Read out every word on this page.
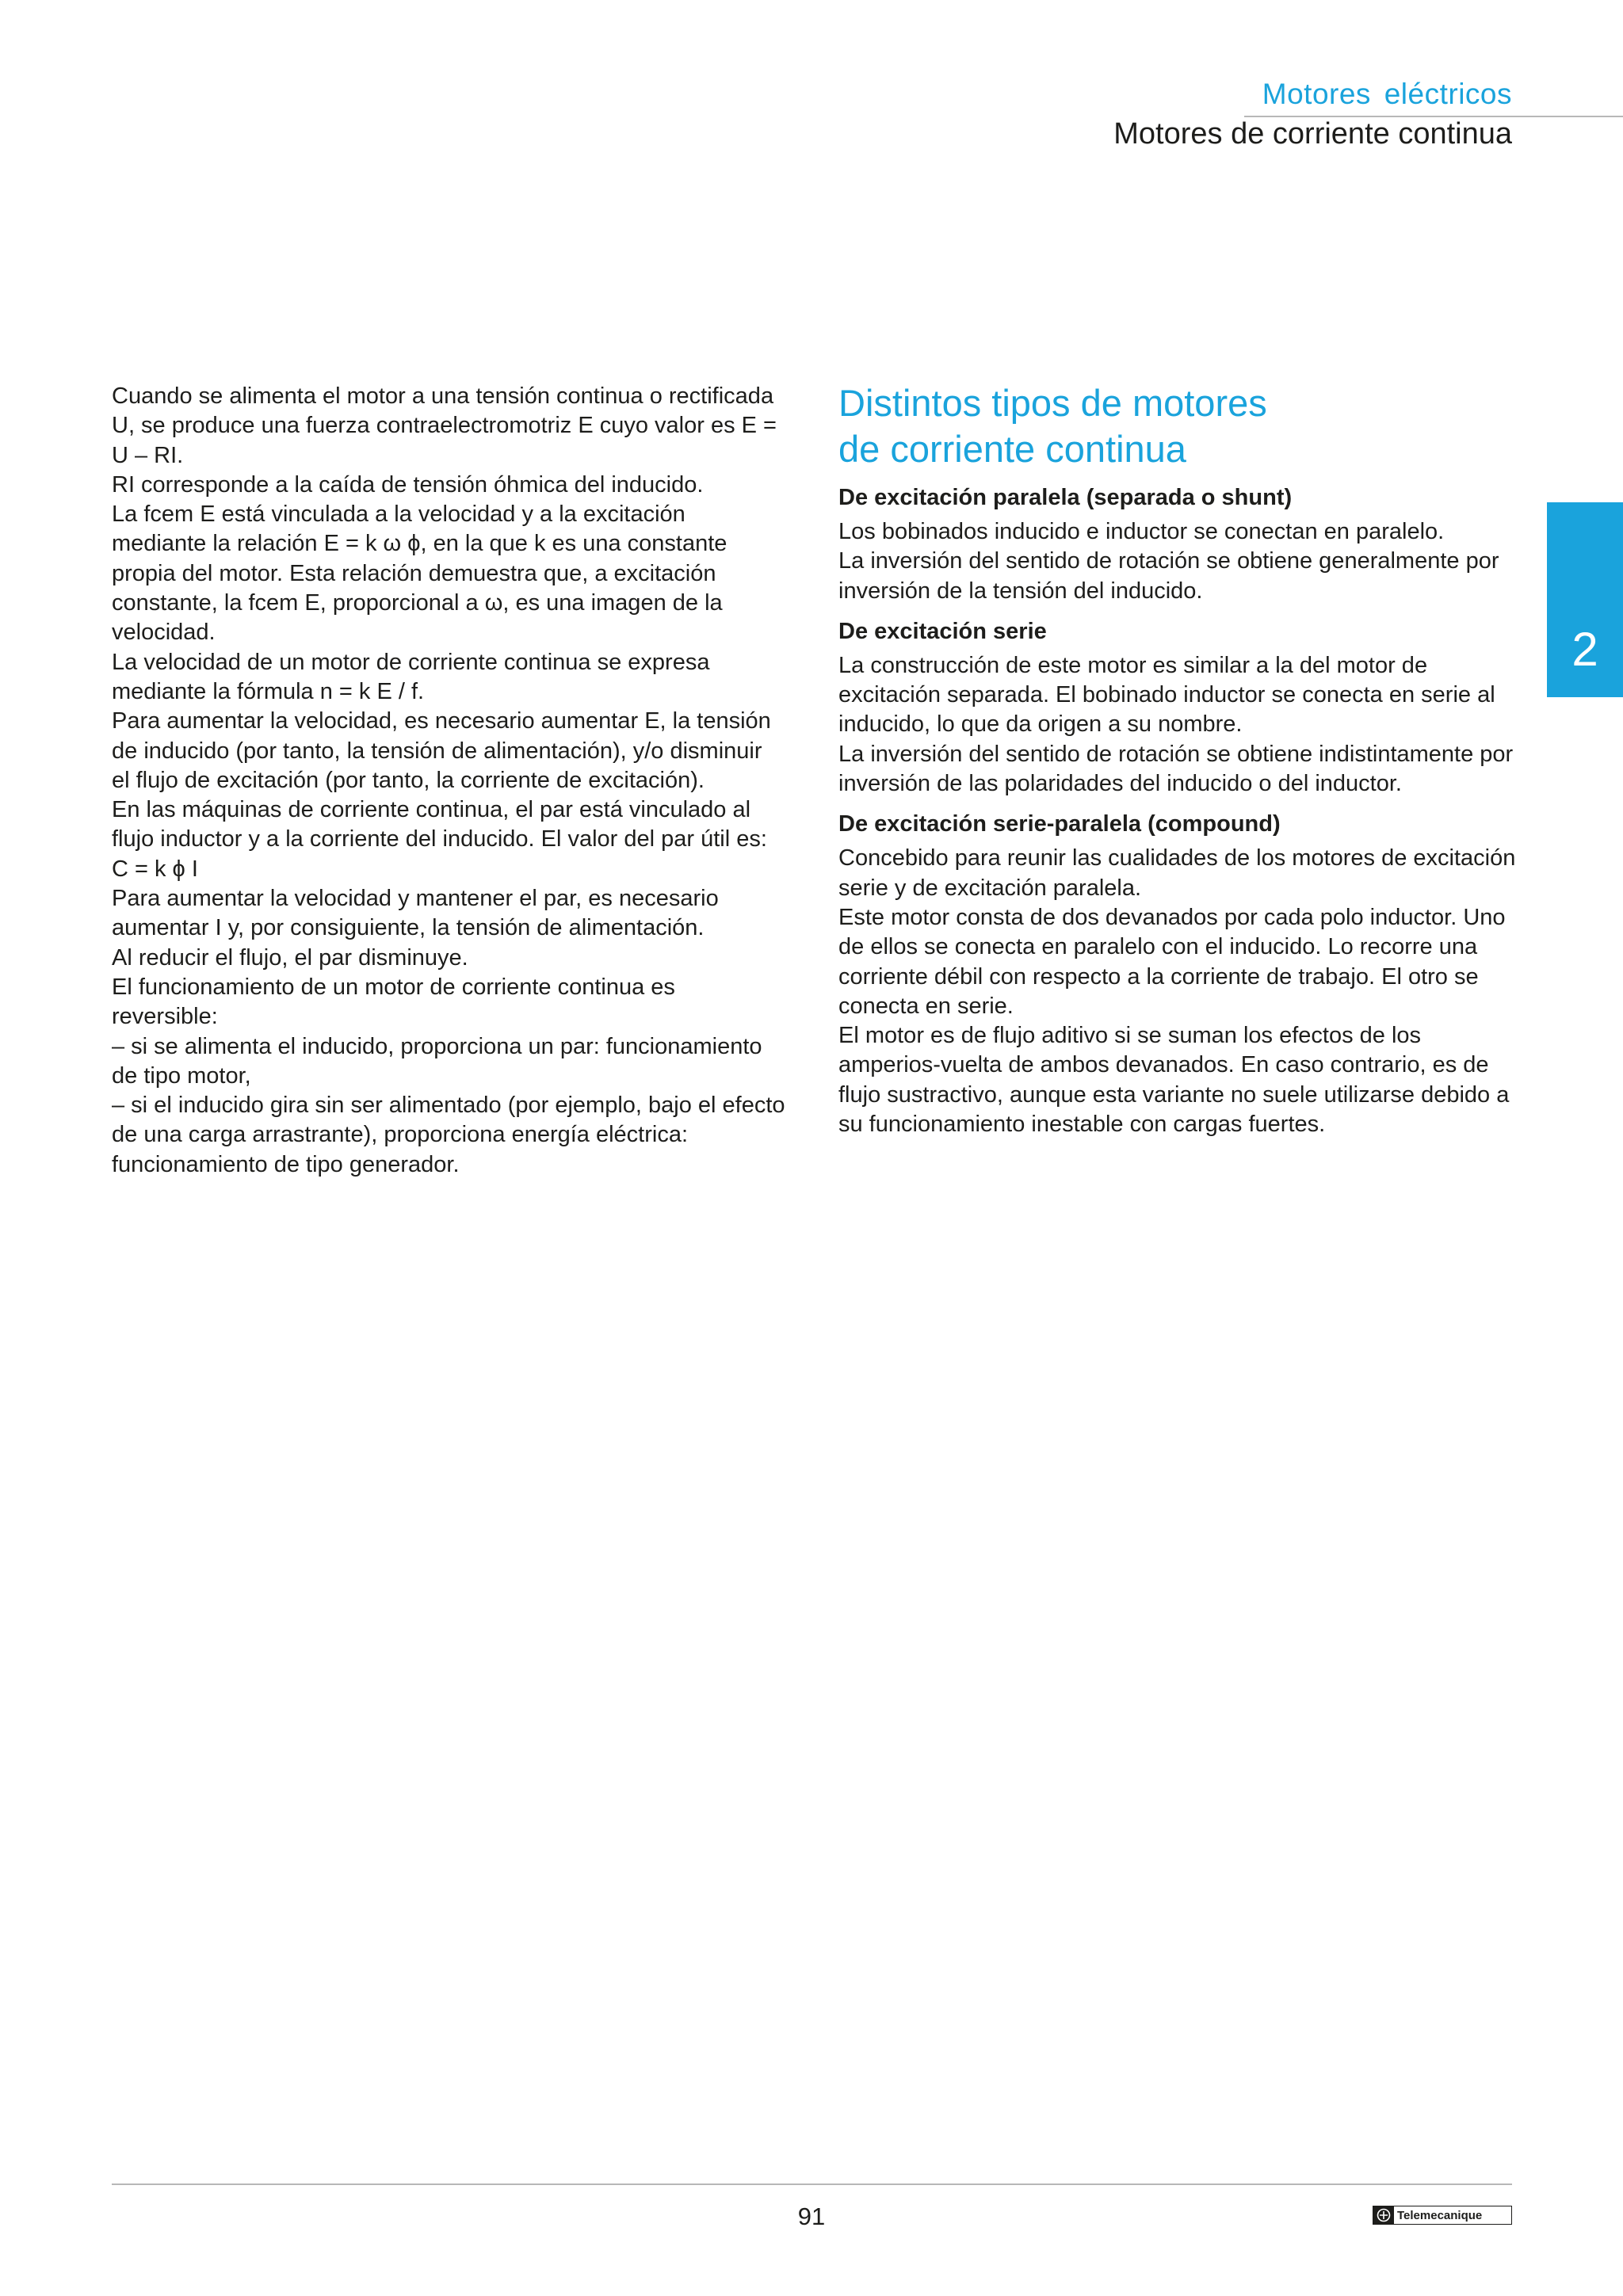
Motores eléctricos
Motores de corriente continua
2

Cuando se alimenta el motor a una tensión continua o rectificada U, se produce una fuerza contraelectromotriz E cuyo valor es E = U – RI.

RI corresponde a la caída de tensión óhmica del inducido.

La fcem E está vinculada a la velocidad y a la excitación mediante la relación E = k ω ϕ, en la que k es una constante propia del motor. Esta relación demuestra que, a excitación constante, la fcem E, proporcional a ω, es una imagen de la velocidad.

La velocidad de un motor de corriente continua se expresa mediante la fórmula n = k E / f.

Para aumentar la velocidad, es necesario aumentar E, la tensión de inducido (por tanto, la tensión de alimentación), y/o disminuir el flujo de excitación (por tanto, la corriente de excitación).

En las máquinas de corriente continua, el par está vinculado al flujo inductor y a la corriente del inducido. El valor del par útil es:

C = k ϕ I

Para aumentar la velocidad y mantener el par, es necesario aumentar I y, por consiguiente, la tensión de alimentación.

Al reducir el flujo, el par disminuye.

El funcionamiento de un motor de corriente continua es reversible:

– si se alimenta el inducido, proporciona un par: funcionamiento de tipo motor,

– si el inducido gira sin ser alimentado (por ejemplo, bajo el efecto de una carga arrastrante), proporciona energía eléctrica: funcionamiento de tipo generador.

Distintos tipos de motores
de corriente continua
De excitación paralela (separada o shunt)

Los bobinados inducido e inductor se conectan en paralelo.

La inversión del sentido de rotación se obtiene generalmente por inversión de la tensión del inducido.

De excitación serie

La construcción de este motor es similar a la del motor de excitación separada. El bobinado inductor se conecta en serie al inducido, lo que da origen a su nombre.

La inversión del sentido de rotación se obtiene indistintamente por inversión de las polaridades del inducido o del inductor.

De excitación serie-paralela (compound)

Concebido para reunir las cualidades de los motores de excitación serie y de excitación paralela.

Este motor consta de dos devanados por cada polo inductor. Uno de ellos se conecta en paralelo con el inducido. Lo recorre una corriente débil con respecto a la corriente de trabajo. El otro se conecta en serie.

El motor es de flujo aditivo si se suman los efectos de los amperios-vuelta de ambos devanados. En caso contrario, es de flujo sustractivo, aunque esta variante no suele utilizarse debido a su funcionamiento inestable con cargas fuertes.

91	Telemecanique
